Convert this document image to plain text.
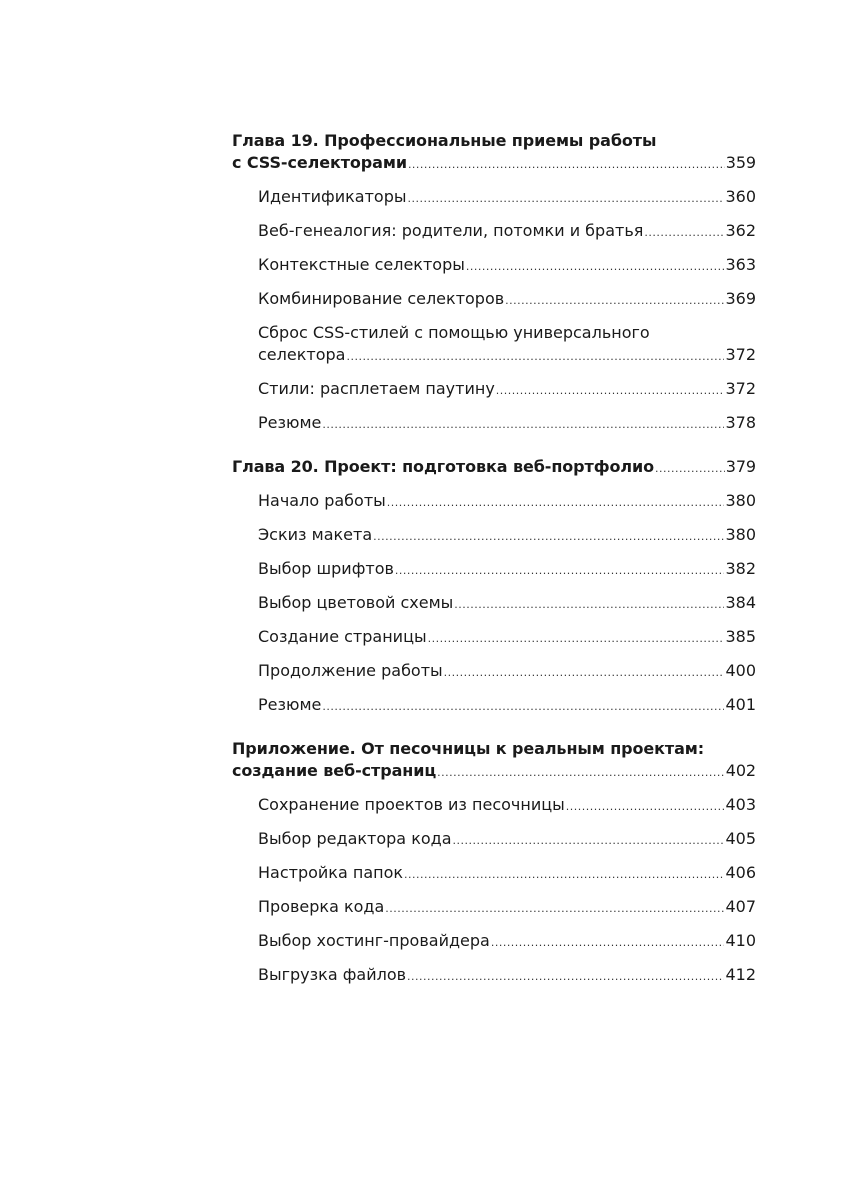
Глава 19. Профессиональные приемы работы
с CSS-селекторами .....	359
Идентификаторы .....	360
Веб-генеалогия: родители, потомки и братья .....	362
Контекстные селекторы .....	363
Комбинирование селекторов .....	369
Сброс CSS-стилей с помощью универсального
селектора .....	372
Стили: расплетаем паутину .....	372
Резюме .....	378
Глава 20. Проект: подготовка веб-портфолио .....	379
Начало работы .....	380
Эскиз макета .....	380
Выбор шрифтов .....	382
Выбор цветовой схемы .....	384
Создание страницы .....	385
Продолжение работы .....	400
Резюме .....	401
Приложение. От песочницы к реальным проектам:
создание веб-страниц .....	402
Сохранение проектов из песочницы .....	403
Выбор редактора кода .....	405
Настройка папок .....	406
Проверка кода .....	407
Выбор хостинг-провайдера .....	410
Выгрузка файлов .....	412
